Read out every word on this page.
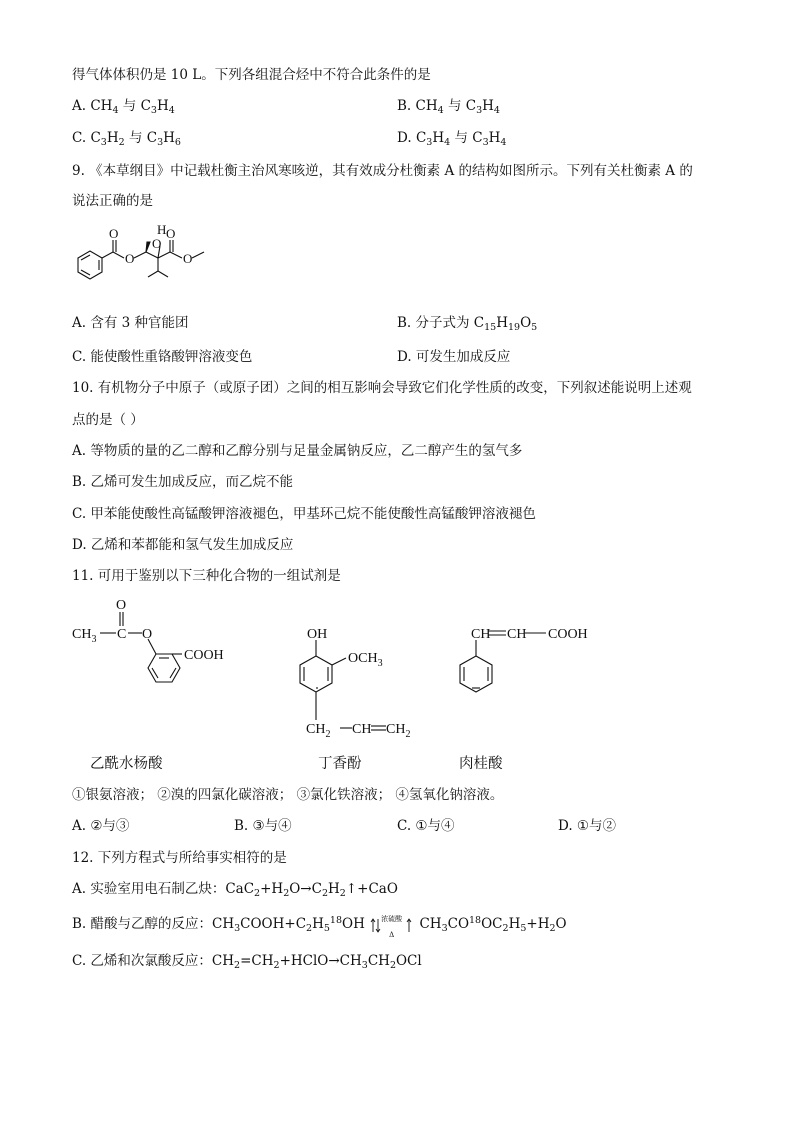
得气体体积仍是 10 L。下列各组混合烃中不符合此条件的是
A. $CH_4$ 与 $C_3H_4$	B. $CH_4$ 与 $C_3H_4$
C. $C_3H_2$ 与 $C_3H_6$	D. $C_3H_4$ 与 $C_3H_4$
9. 《本草纲目》中记载杜衡主治风寒咳逆，其有效成分杜衡素 A 的结构如图所示。下列有关杜衡素 A 的
说法正确的是
O
O
H
O
O
O
A. 含有 3 种官能团	B. 分子式为 $C_{15}H_{19}O_5$
C. 能使酸性重铬酸钾溶液变色	D. 可发生加成反应
10. 有机物分子中原子（或原子团）之间的相互影响会导致它们化学性质的改变，下列叙述能说明上述观
点的是（ ）
A. 等物质的量的乙二醇和乙醇分别与足量金属钠反应，乙二醇产生的氢气多
B. 乙烯可发生加成反应，而乙烷不能
C. 甲苯能使酸性高锰酸钾溶液褪色，甲基环己烷不能使酸性高锰酸钾溶液褪色
D. 乙烯和苯都能和氢气发生加成反应
11. 可用于鉴别以下三种化合物的一组试剂是
O
$CH_3$ C O
COOH
乙酰水杨酸
OH
$OCH_3$
$CH_2$ CH $CH_2$
丁香酚
CH CH COOH
肉桂酸
①银氨溶液； ②溴的四氯化碳溶液； ③氯化铁溶液； ④氢氧化钠溶液。
A. ②与③	B. ③与④	C. ①与④	D. ①与②
12. 下列方程式与所给事实相符的是
A. 实验室用电石制乙炔：$CaC_2+H_2O\to C_2H_2↑+CaO$
B. 醋酸与乙醇的反应：$CH_3COOH+C_2H_5^{18}OH$ 浓硫酸
Δ
$CH_3CO^{18}OC_2H_5+H_2O$
C. 乙烯和次氯酸反应：$CH_2=CH_2+HClO\to CH_3CH_2OCl$
